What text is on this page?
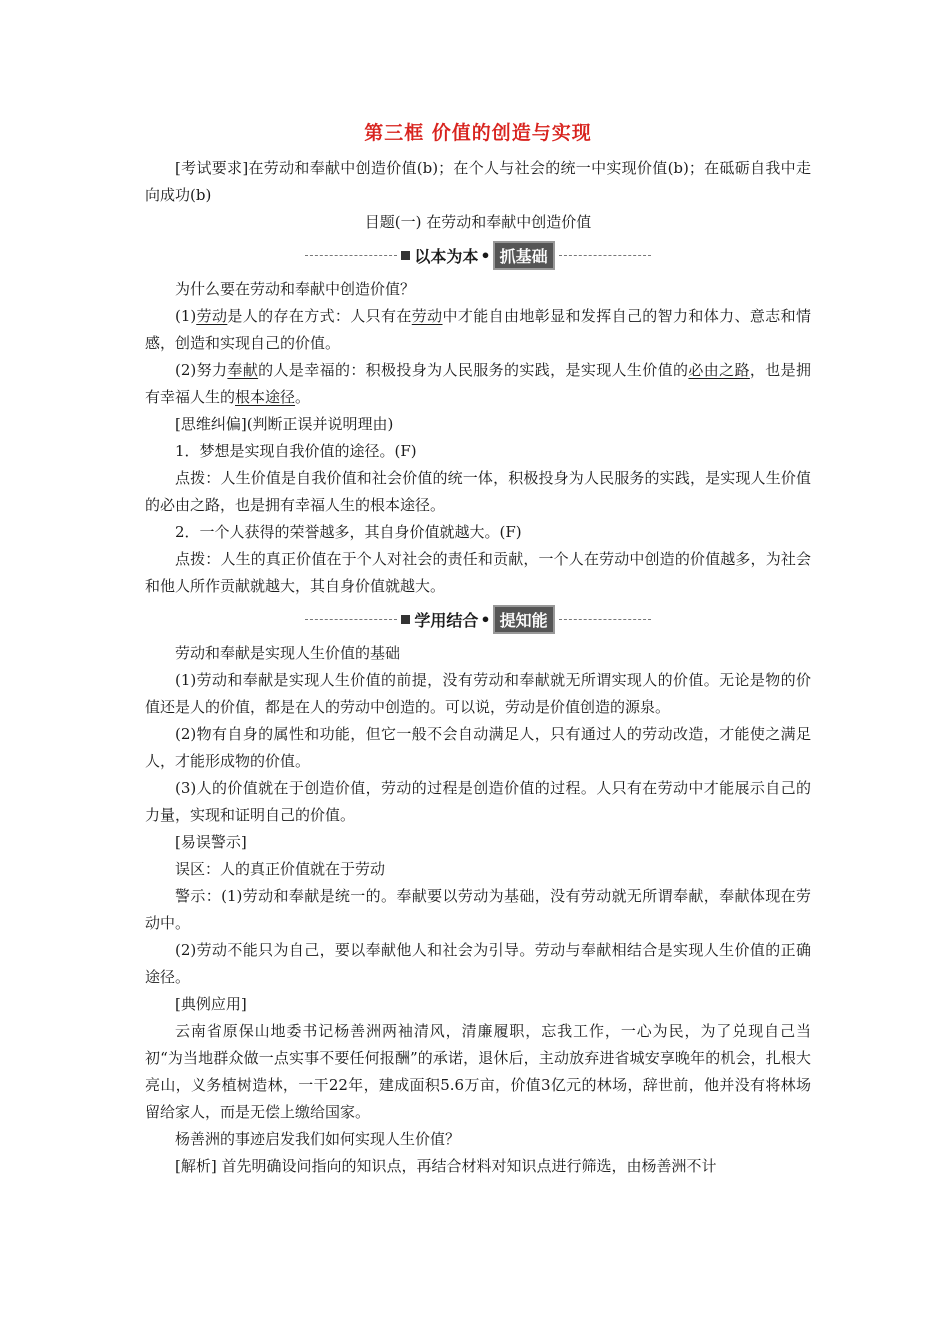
第三框 价值的创造与实现

[考试要求]在劳动和奉献中创造价值(b)；在个人与社会的统一中实现价值(b)；在砥砺自我中走向成功(b)

目题(一) 在劳动和奉献中创造价值

以本为本 • 抓基础

为什么要在劳动和奉献中创造价值？

(1)劳动是人的存在方式：人只有在劳动中才能自由地彰显和发挥自己的智力和体力、意志和情感，创造和实现自己的价值。

(2)努力奉献的人是幸福的：积极投身为人民服务的实践，是实现人生价值的必由之路，也是拥有幸福人生的根本途径。

[思维纠偏](判断正误并说明理由)

1．梦想是实现自我价值的途径。(F)

点拨：人生价值是自我价值和社会价值的统一体，积极投身为人民服务的实践，是实现人生价值的必由之路，也是拥有幸福人生的根本途径。

2．一个人获得的荣誉越多，其自身价值就越大。(F)

点拨：人生的真正价值在于个人对社会的责任和贡献，一个人在劳动中创造的价值越多，为社会和他人所作贡献就越大，其自身价值就越大。

学用结合 • 提知能

劳动和奉献是实现人生价值的基础

(1)劳动和奉献是实现人生价值的前提，没有劳动和奉献就无所谓实现人的价值。无论是物的价值还是人的价值，都是在人的劳动中创造的。可以说，劳动是价值创造的源泉。

(2)物有自身的属性和功能，但它一般不会自动满足人，只有通过人的劳动改造，才能使之满足人，才能形成物的价值。

(3)人的价值就在于创造价值，劳动的过程是创造价值的过程。人只有在劳动中才能展示自己的力量，实现和证明自己的价值。

[易误警示]

误区：人的真正价值就在于劳动

警示：(1)劳动和奉献是统一的。奉献要以劳动为基础，没有劳动就无所谓奉献，奉献体现在劳动中。

(2)劳动不能只为自己，要以奉献他人和社会为引导。劳动与奉献相结合是实现人生价值的正确途径。

[典例应用]

云南省原保山地委书记杨善洲两袖清风，清廉履职，忘我工作，一心为民，为了兑现自己当初“为当地群众做一点实事不要任何报酬”的承诺，退休后，主动放弃进省城安享晚年的机会，扎根大亮山，义务植树造林，一干22年，建成面积5.6万亩，价值3亿元的林场，辞世前，他并没有将林场留给家人，而是无偿上缴给国家。

杨善洲的事迹启发我们如何实现人生价值？

[解析] 首先明确设问指向的知识点，再结合材料对知识点进行筛选，由杨善洲不计
